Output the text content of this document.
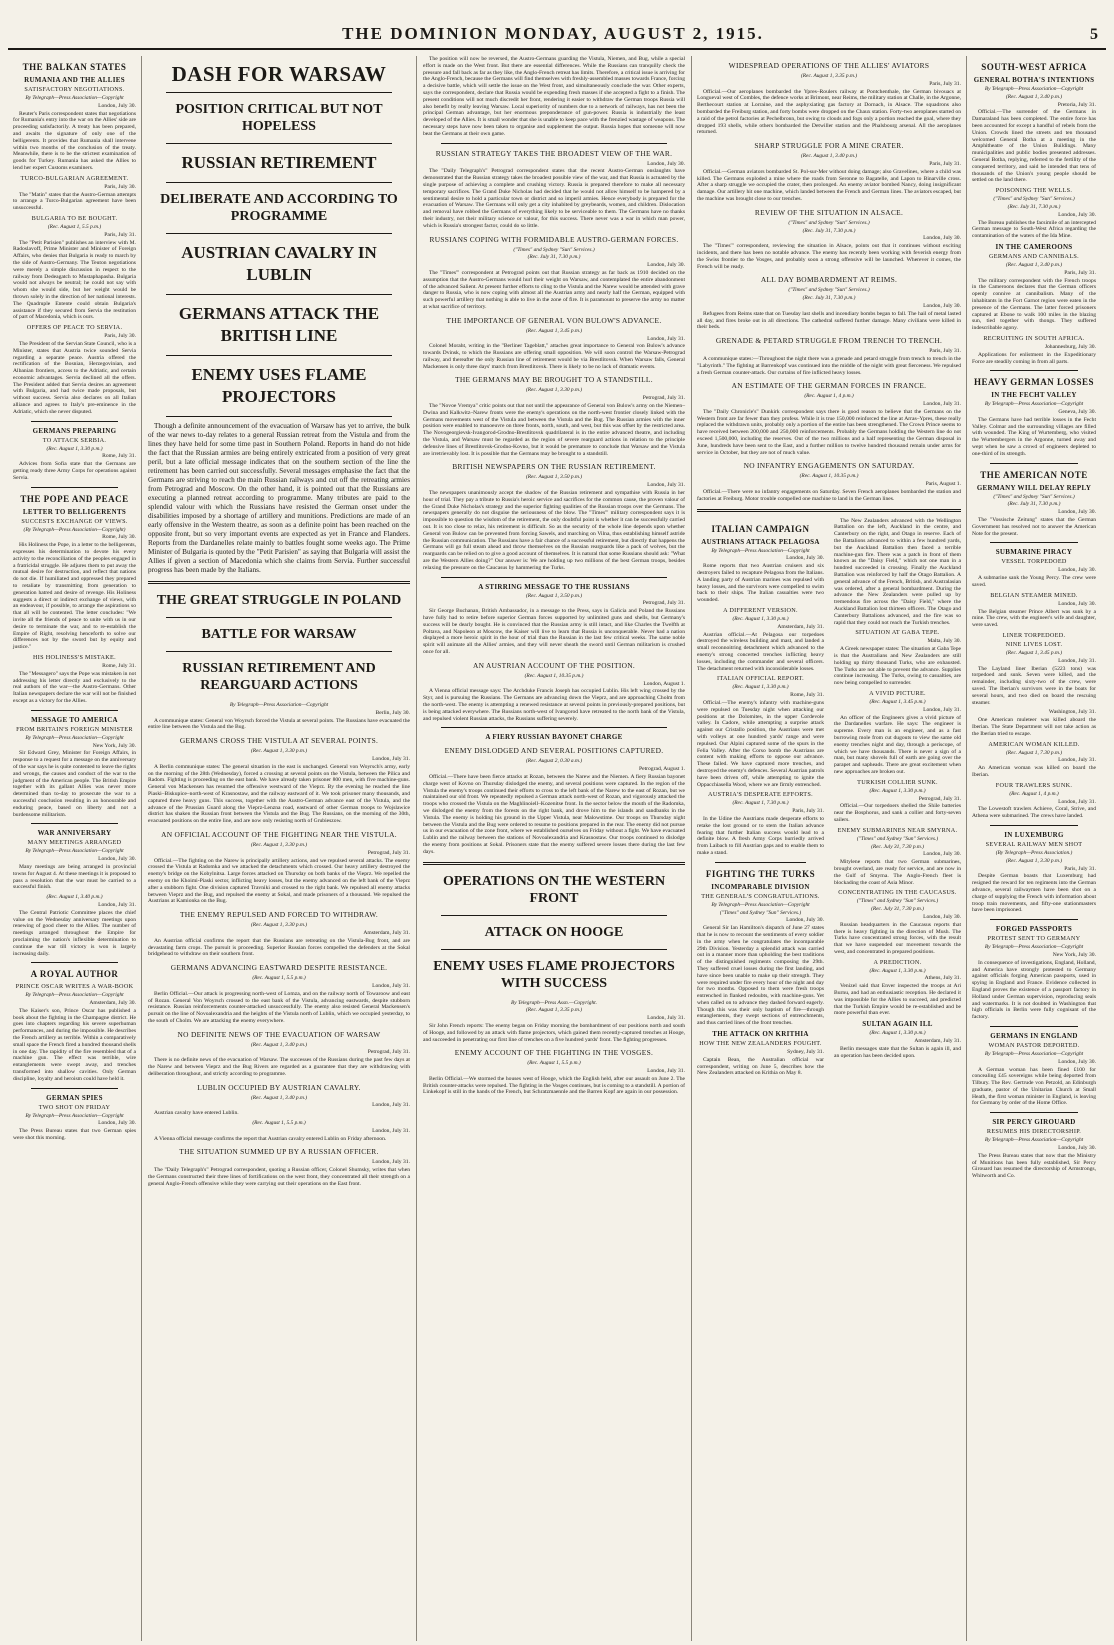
THE DOMINION MONDAY, AUGUST 2, 1915.	5
THE BALKAN STATES
RUMANIA AND THE ALLIES
SATISFACTORY NEGOTIATIONS.
By Telegraph—Press Association—Copyright
London, July 30.

Reuter's Paris correspondent states that negotiations for Rumania's entry into the war on the Allies' side are proceeding satisfactorily. A treaty has been prepared, and awaits the signature of only one of the belligerents. It provides that Rumania shall intervene within two months of the conclusion of the treaty. Meanwhile, there is to be the strictest examination of goods for Turkey. Rumania has asked the Allies to lend her expert Customs examiners.

TURCO-BULGARIAN AGREEMENT.
Paris, July 30.

The "Matin" states that the Austro-German attempts to arrange a Turco-Bulgarian agreement have been unsuccessful.

BULGARIA TO BE BOUGHT.
(Rec. August 1, 5.5 p.m.)
Paris, July 31.

The "Petit Parisien" publishes an interview with M. Radoslavoff, Prime Minister and Minister of Foreign Affairs, who denies that Bulgaria is ready to march by the side of Austro-Germany. The Teuton negotiations were merely a simple discussion in respect to the railway from Dedeagatch to Mustaphapasha. Bulgaria would not always be neutral; he could not say with whom she would side, but her weight would be thrown solely in the direction of her national interests. The Quadruple Entente could obtain Bulgaria's assistance if they secured from Servia the restitution of part of Macedonia, which is ours.

OFFERS OF PEACE TO SERVIA.
Paris, July 30.

The President of the Servian State Council, who is a Minister, states that Austria twice sounded Servia regarding a separate peace. Austria offered the rectification of the Bosnian, Herzegovinian, and Albanian frontiers, access to the Adriatic, and certain economic advantages. Servia declined all the offers. The President added that Servia desires an agreement with Bulgaria, and had twice made proposals, but without success. Servia also declares on all Italian alliance and agrees to Italy's pre-eminence in the Adriatic, which she never disputed.

GERMANS PREPARING
TO ATTACK SERBIA.
(Rec. August 1, 3.30 p.m.)
Rome, July 31.

Advices from Sofia state that the Germans are getting ready three Army Corps for operations against Servia.

THE POPE AND PEACE
LETTER TO BELLIGERENTS
SUCCESTS EXCHANGE OF VIEWS.
(By Telegraph—Press Association—Copyright)
Rome, July 30.

His Holiness the Pope, in a letter to the belligerents, expresses his determination to devote his every activity to the reconciliation of the peoples engaged in a fratricidal struggle. He adjures them to put away the mutual desire for destruction, and reflect that nations do not die. If humiliated and oppressed they prepared to retaliate by transmitting from generation to generation hatred and desire of revenge. His Holiness suggests a direct or indirect exchange of views, with an endeavour, if possible, to arrange the aspirations so that all will be contented. The letter concludes: "We invite all the friends of peace to unite with us in our desire to terminate the war, and to re-establish the Empire of Right, resolving henceforth to solve our differences not by the sword but by equity and justice."

HIS HOLINESS'S MISTAKE.
Rome, July 31.

The "Messagero" says the Pope was mistaken in not addressing his letter directly and exclusively to the real authors of the war—the Austro-Germans. Other Italian newspapers declare the war will not be finished except as a victory for the Allies.

MESSAGE TO AMERICA
FROM BRITAIN'S FOREIGN MINISTER
By Telegraph—Press Association—Copyright
New York, July 30.

Sir Edward Grey, Minister for Foreign Affairs, in response to a request for a message on the anniversary of the war says he is quite contented to leave the rights and wrongs, the causes and conduct of the war to the judgment of the American people. The British Empire together with its gallant Allies was never more determined than to-day to prosecute the war to a successful conclusion resulting in an honourable and enduring peace, based on liberty and not a burdensome militarism.

WAR ANNIVERSARY
MANY MEETINGS ARRANGED
By Telegraph—Press Association—Copyright
London, July 30.

Many meetings are being arranged in provincial towns for August 4. At these meetings it is proposed to pass a resolution that the war must be carried to a successful finish.

(Rec. August 1, 3.40 p.m.)
London, July 31.

The Central Patriotic Committee places the chief value on the Wednesday anniversary meetings upon renewing of good cheer to the Allies. The number of meetings arranged throughout the Empire for proclaiming the nation's inflexible determination to continue the war till victory is won is largely increasing daily.

A ROYAL AUTHOR
PRINCE OSCAR WRITES A WAR-BOOK
By Telegraph—Press Association—Copyright
Amsterdam, July 30.

The Kaiser's son, Prince Oscar has published a book about the fighting in the Champagne district. He goes into chapters regarding his severe superhuman performances, and during the impossible. He describes the French artillery as terrible. Within a comparatively small space the French fired a hundred thousand shells in one day. The rapidity of the fire resembled that of a machine gun. The effect was terrible, wire entanglements were swept away, and trenches transformed into shallow cavities. Only German discipline, loyalty and heroism could have held it.

GERMAN SPIES
TWO SHOT ON FRIDAY
By Telegraph—Press Association—Copyright
London, July 30.

The Press Bureau states that two German spies were shot this morning.

DASH FOR WARSAW
POSITION CRITICAL BUT NOT HOPELESS
RUSSIAN RETIREMENT
DELIBERATE AND ACCORDING TO PROGRAMME
AUSTRIAN CAVALRY IN LUBLIN
GERMANS ATTACK THE BRITISH LINE
ENEMY USES FLAME PROJECTORS

Though a definite announcement of the evacuation of Warsaw has yet to arrive, the bulk of the war news to-day relates to a general Russian retreat from the Vistula and from the lines they have held for some time past in Southern Poland. Reports in hand do not hide the fact that the Russian armies are being entirely extricated from a position of very great peril, but a late official message indicates that on the southern section of the line the retirement has been carried out successfully. Several messages emphasise the fact that the Germans are striving to reach the main Russian railways and cut off the retreating armies from Petrograd and Moscow. On the other hand, it is pointed out that the Russians are executing a planned retreat according to programme. Many tributes are paid to the splendid valour with which the Russians have resisted the German onset under the disabilities imposed by a shortage of artillery and munitions. Predictions are made of an early offensive in the Western theatre, as soon as a definite point has been reached on the opposite front, but so very important events are expected as yet in France and Flanders. Reports from the Dardanelles relate mainly to battles fought some weeks ago. The Prime Minister of Bulgaria is quoted by the "Petit Parisien" as saying that Bulgaria will assist the Allies if given a section of Macedonia which she claims from Servia. Further successful progress has been made by the Italians.

THE GREAT STRUGGLE IN POLAND
BATTLE FOR WARSAW
RUSSIAN RETIREMENT AND REARGUARD ACTIONS
By Telegraph—Press Association—Copyright
Berlin, July 30.

A communique states: General von Woyrsch forced the Vistula at several points. The Russians have evacuated the entire line between the Vistula and the Bug.

GERMANS CROSS THE VISTULA AT SEVERAL POINTS.
(Rec. August 1, 3.30 p.m.)
London, July 31.

A Berlin communique states: The general situation in the east is unchanged. General von Woyrsch's army, early on the morning of the 28th (Wednesday), forced a crossing at several points on the Vistula, between the Pilica and Radom. Fighting is proceeding on the east bank. We have already taken prisoner 800 men, with five machine-guns. General von Mackensen has resumed the offensive westward of the Vieprz. By the evening he reached the line Piaski–Biskupice–north-west of Krasnostaw, and the railway eastward of it. We took prisoner many thousands, and captured three heavy guns. This success, together with the Austro-German advance east of the Vistula, and the advance of the Prussian Guard along the Vieprz-Lenzna road, eastward of other German troops to Wojslawice district has shaken the Russian front between the Vistula and the Bug. The Russians, on the morning of the 30th, evacuated positions on the entire line, and are now only resisting north of Grubieszow.

AN OFFICIAL ACCOUNT OF THE FIGHTING NEAR THE VISTULA.
(Rec. August 1, 3.30 p.m.)
Petrograd, July 31.

Official.—The fighting on the Narew is principally artillery actions, and we repulsed several attacks. The enemy crossed the Vistula at Radomka and we attacked the detachments which crossed. Our heavy artillery destroyed the enemy's bridge on the Kobylnitsa. Large forces attacked on Thursday on both banks of the Vieprz. We repelled the enemy on the Khoimi-Piaski sector, inflicting heavy losses, but the enemy advanced on the left bank of the Vieprz after a stubborn fight. One division captured Travniki and crossed to the right bank. We repulsed all enemy attacks between Vieprz and the Bug, and repulsed the enemy at Sokal, and made prisoners of a thousand. We repulsed the Austrians at Kamionka on the Bug.

THE ENEMY REPULSED AND FORCED TO WITHDRAW.
(Rec. August 1, 3.30 p.m.)
Amsterdam, July 31.

An Austrian official confirms the report that the Russians are retreating on the Vistula-Bug front, and are devastating farm crops. The pursuit is proceeding. Superior Russian forces compelled the defenders at the Sokal bridgehead to withdraw on their southern front.

GERMANS ADVANCING EASTWARD DESPITE RESISTANCE.
(Rec. August 1, 5.5 p.m.)
London, July 31.

Berlin Official.—Our attack is progressing north-west of Lomza, and on the railway north of Towaroow and east of Rozan. General Von Woyrsch crossed to the east bank of the Vistula, advancing eastwards, despite stubborn resistance. Russian reinforcements counter-attacked unsuccessfully. The enemy also resisted General Mackensen's pursuit on the line of Novoalexandria and the heights of the Vistula north of Lublin, which we occupied yesterday, to the south of Cholm. We are attacking the enemy everywhere.

NO DEFINITE NEWS OF THE EVACUATION OF WARSAW
(Rec. August 1, 3.40 p.m.)
Petrograd, July 31.

There is no definite news of the evacuation of Warsaw. The successes of the Russians during the past few days at the Narew and between Vieprz and the Bug Rivers are regarded as a guarantee that they are withdrawing with deliberation throughout, and strictly according to programme.

LUBLIN OCCUPIED BY AUSTRIAN CAVALRY.
(Rec. August 1, 3.40 p.m.)
London, July 31.

Austrian cavalry have entered Lublin.

(Rec. August 1, 5.5 p.m.)
London, July 31.

A Vienna official message confirms the report that Austrian cavalry entered Lublin on Friday afternoon.

THE SITUATION SUMMED UP BY A RUSSIAN OFFICER.
London, July 31.

The "Daily Telegraph's" Petrograd correspondent, quoting a Russian officer, Colonel Shumsky, writes that when the Germans constructed their three lines of fortifications on the west front, they concentrated all their strength on a general Anglo-French offensive while they were carrying out their operations on the East front.

The position will now be reversed, the Austro-Germans guarding the Vistula, Niemen, and Bug, while a special effort is made on the West front. But there are essential differences. While the Russians can tranquilly check the pressure and fall back as far as they like, the Anglo-French retreat has limits. Therefore, a critical issue is arriving for the Anglo-French, because the Germans will find themselves with freshly-assembled masses towards France, forcing a decisive battle, which will settle the issue on the West front, and simultaneously conclude the war. Other experts, says the correspondent, declare that Russia would be expending fresh masses if she accepted a fight to a finish. The present conditions will not much discredit her front, rendering it easier to withdraw the German troops Russia will also benefit by really leaving Warsaw. Local superiority of numbers due to a network of railways, has not been the principal German advantage, but her enormous preponderance of gun-power. Russia is industrially the least developed of the Allies. It is small wonder that she is unable to keep pace with the frenzied wastage of weapons. The necessary steps have now been taken to organise and supplement the output. Russia hopes that someone will now beat the Germans at their own game.

RUSSIAN STRATEGY TAKES THE BROADEST VIEW OF THE WAR.
London, July 30.

The "Daily Telegraph's" Petrograd correspondent states that the recent Austro-German onslaughts have demonstrated that the Russian strategy takes the broadest possible view of the war, and that Russia is actuated by the single purpose of achieving a complete and crushing victory. Russia is prepared therefore to make all necessary temporary sacrifices. The Grand Duke Nicholas had decided that he would not allow himself to be hampered by a sentimental desire to hold a particular town or district and so imperil armies. Hence everybody is prepared for the evacuation of Warsaw. The Germans will only get a city inhabited by greybeards, women, and children. Dislocation and removal have robbed the Germans of everything likely to be serviceable to them. The Germans have no thanks their industry, not their military science or valour, for this success. There never was a war in which man power, which is Russia's strongest factor, could do so little.

RUSSIANS COPING WITH FORMIDABLE AUSTRO-GERMAN FORCES.
("Times" and Sydney "Sun" Services.)
(Rec. July 31, 7.30 p.m.)
London, July 30.

The "Times'" correspondent at Petrograd points out that Russian strategy as far back as 1910 decided on the assumption that the Austro-Germans would hurl their weight on Warsaw, and contemplated the entire abandonment of the advanced Salient. At present further efforts to cling to the Vistula and the Narew would be attended with grave danger to Russia, who is now coping with almost all the Austrian army and nearly half the German, equipped with such powerful artillery that nothing is able to live in the zone of fire. It is paramount to preserve the army no matter at what sacrifice of territory.

THE IMPORTANCE OF GENERAL VON BULOW'S ADVANCE.
(Rec. August 1, 3.45 p.m.)
London, July 31.

Colonel Moraht, writing in the "Berliner Tageblatt," attaches great importance to General von Bulow's advance towards Dvinsk, to which the Russians are offering small opposition. We will soon control the Warsaw-Petrograd railway, and thereafter the only Russian line of retirement would be via Brestlitovsk. When Warsaw falls, General Mackensen is only three days' march from Brestlitovsk. There is likely to be no lack of dramatic events.

THE GERMANS MAY BE BROUGHT TO A STANDSTILL.
(Rec. August 1, 3.30 p.m.)
Petrograd, July 31.

The "Novoe Vremya" critic points out that not until the appearance of General von Bulow's army on the Niemen–Dwina and Kalkwitz–Narew fronts were the enemy's operations on the north-west frontier closely linked with the Germans movements west of the Vistula and between the Vistula and the Bug. The Russian armies with the inner position were enabled to manoeuvre on three fronts, north, south, and west, but this was offset by the restricted area. The Novogeorgievsk-Ivangorod-Grodno-Brestlitovsk quadrilateral is in the entire advanced theatre, and including the Vistula, and Warsaw must be regarded as the region of severe rearguard actions in relation to the principle defensive lines of Brestlitovsk-Grodno-Kovno, but it would be premature to conclude that Warsaw and the Vistula are irretrievably lost. It is possible that the Germans may be brought to a standstill.

BRITISH NEWSPAPERS ON THE RUSSIAN RETIREMENT.
(Rec. August 1, 3.50 p.m.)
London, July 31.

The newspapers unanimously accept the shadow of the Russian retirement and sympathise with Russia in her hour of trial. They pay a tribute to Russia's heroic service and sacrifices for the common cause, the proven valour of the Grand Duke Nicholas's strategy and the superior fighting qualities of the Russian troops over the Germans. The newspapers generally do not disguise the seriousness of the blow. The "Times'" military correspondent says it is impossible to question the wisdom of the retirement, the only doubtful point is whether it can be successfully carried out. It is too close to relax, his retirement is difficult. So as the security of the whole line depends upon whether General von Bulow can be prevented from forcing Sawels, and marching on Vilna, thus establishing himself astride the Russian communication. The Russians have a fair chance of a successful retirement, but directly that happens the Germans will go full steam ahead and throw themselves on the Russian rearguards like a pack of wolves, but the rearguards can be relied on to give a good account of themselves. It is natural that some Russians should ask: "What are the Western Allies doing?" Our answer is: We are holding up two millions of the best German troops, besides relaxing the pressure on the Caucasus by hammering the Turks.

A STIRRING MESSAGE TO THE RUSSIANS
(Rec. August 1, 3.50 p.m.)
Petrograd, July 31.

Sir George Buchanan, British Ambassador, in a message to the Press, says in Galicia and Poland the Russians have fully had to retire before superior German forces supported by unlimited guns and shells, but Germany's success will be dearly bought. He is convinced that the Russian army is still intact, and like Charles the Twelfth at Poltava, and Napoleon at Moscow, the Kaiser will live to learn that Russia is unconquerable. Never had a nation displayed a more heroic spirit in the hour of trial than the Russian in the last few critical weeks. The same noble spirit will animate all the Allies' armies, and they will never sheath the sword until German militarism is crushed once for all.

AN AUSTRIAN ACCOUNT OF THE POSITION.
(Rec. August 1, 10.35 p.m.)
London, August 1.

A Vienna official message says: The Archduke Francis Joseph has occupied Lublin. His left wing crossed by the Styr, and is pursuing the Russians. The Germans are advancing down the Vieprz, and are approaching Cholm from the north-west. The enemy is attempting a renewed resistance at several points in previously-prepared positions, but is being attacked everywhere. The Russians north-west of Ivangorod have retreated to the north bank of the Vistula, and repulsed violent Russian attacks, the Russians suffering severely.

A FIERY RUSSIAN BAYONET CHARGE
ENEMY DISLODGED AND SEVERAL POSITIONS CAPTURED.
(Rec. August 2, 0.30 a.m.)
Petrograd, August 1.

Official.—There have been fierce attacks at Rozan, between the Narew and the Niemen. A fiery Russian bayonet charge west of Kovno on Thursday dislodged the enemy, and several positions were captured. In the region of the Vistula the enemy's troops continued their efforts to cross to the left bank of the Narew to the east of Rozan, but we maintained our old front. We repeatedly repulsed a German attack north-west of Rozan, and vigorously attacked the troops who crossed the Vistula on the Maghlinoiell–Kozenitse front. In the sector below the mouth of the Radomka, we dislodged the enemy from the forests on the right bank, and drove him to the islands and sandbanks in the Vistula. The enemy is holding his ground in the Upper Vistula, near Malowstime. Our troops on Thursday night between the Vistula and the Bug were ordered to resume to positions prepared in the rear. The enemy did not pursue us in our evacuation of the zone front, where we established ourselves on Friday without a fight. We have evacuated Lublin and the railway between the stations of Novoalexandria and Krasnostaw. Our troops continued to dislodge the enemy from positions at Sokal. Prisoners state that the enemy suffered severe losses there during the last few days.

OPERATIONS ON THE WESTERN FRONT
ATTACK ON HOOGE
ENEMY USES FLAME PROJECTORS WITH SUCCESS
By Telegraph—Press Assn.—Copyright.
(Rec. August 1, 3.35 p.m.)
London, July 31.

Sir John French reports: The enemy began on Friday morning the bombardment of our positions north and south of Hooge, and followed by an attack with flame projectors, which gained them recently-captured trenches at Hooge, and succeeded in penetrating our first line of trenches on a five hundred yards' front. The fighting progresses.

ENEMY ACCOUNT OF THE FIGHTING IN THE VOSGES.
(Rec. August 1, 5.5 p.m.)
London, July 31.

Berlin Official.—We stormed the houses west of Hooge, which the English held, after our assault on June 2. The British counter-attacks were repulsed. The fighting in the Vosges continues, but is coming to a standstill. A portion of Linkekopf is still in the hands of the French, but Schratzmaennle and the Barren Kopf are again in our possession.

WIDESPREAD OPERATIONS OF THE ALLIES' AVIATORS
(Rec. August 1, 3.35 p.m.)
Paris, July 31.

Official.—Our aeroplanes bombarded the Ypres–Roulers railway at Pontchenthale, the German bivouacs at Longueval west of Combles, the defence works at Brimont, near Reims, the military station at Challe, in the Argonne, Berthecourt station at Lorraine, and the asphyxiating gas factory at Dornach, in Alsace. The squadrons also bombarded the Freiburg station, and forty bombs were dropped on the Chaux station. Forty-two aeroplanes started on a raid of the petrol factories at Pechelbronn, but owing to clouds and fogs only a portion reached the goal, where they dropped 193 shells, while others bombarded the Detwiller station and the Phalsbourg arsenal. All the aeroplanes returned.

SHARP STRUGGLE FOR A MINE CRATER.
(Rec. August 1, 3.40 p.m.)
Paris, July 31.

Official.—German aviators bombarded St. Pol-sur-Mer without doing damage; also Gravelines, where a child was killed. The Germans exploded a mine where the roads from Seronne to Bagatelle, and Lapon to Binarville cross. After a sharp struggle we occupied the crater, then prolonged. An enemy aviator bombed Nancy, doing insignificant damage. Our artillery hit one machine, which landed between the French and German lines. The aviators escaped, but the machine was brought close to our trenches.

REVIEW OF THE SITUATION IN ALSACE.
("Times" and Sydney "Sun" Services.)
(Rec. July 31, 7.30 p.m.)
London, July 30.

The "Times'" correspondent, reviewing the situation in Alsace, points out that it continues without exciting incidents, and there has been no notable advance. The enemy has recently been working with feverish energy from the Swiss frontier to the Vosges, and probably soon a strong offensive will be launched. Wherever it comes, the French will be ready.

ALL DAY BOMBARDMENT AT REIMS.
("Times" and Sydney "Sun" Services.)
(Rec. July 31, 7.30 p.m.)
London, July 30.

Refugees from Reims state that on Tuesday last shells and incendiary bombs began to fall. The hail of metal lasted all day, and fires broke out in all directions. The cathedral suffered further damage. Many civilians were killed in their beds.

GRENADE & PETARD STRUGGLE FROM TRENCH TO TRENCH.
Paris, July 31.

A communique states:—Throughout the night there was a grenade and petard struggle from trench to trench in the "Labyrinth." The fighting at Barrenkopf was continued into the middle of the night with great fierceness. We repulsed a fresh German counter-attack. Our curtains of fire inflicted heavy losses.

AN ESTIMATE OF THE GERMAN FORCES IN FRANCE.
(Rec. August 1, 4 p.m.)
London, July 31.

The "Daily Chronicle's" Dunkirk correspondent says there is good reason to believe that the Germans on the Western front are far fewer than they profess. While it is true 150,000 reinforced the line at Arras–Ypres, these really replaced the withdrawn units, probably only a portion of the entire has been strengthened. The Crown Prince seems to have received between 200,000 and 250,000 reinforcements. Probably the Germans holding the Western line do not exceed 1,500,000, including the reserves. Out of the two millions and a half representing the German disposal in June, hundreds have been sent to the East, and a further million to twelve hundred thousand remain under arms for service in October, but they are not of much value.

NO INFANTRY ENGAGEMENTS ON SATURDAY.
(Rec. August 1, 10.35 p.m.)
Paris, August 1.

Official.—There were no infantry engagements on Saturday. Seven French aeroplanes bombarded the station and factories at Freiburg. Motor trouble compelled one machine to land in the German lines.

ITALIAN CAMPAIGN
AUSTRIANS ATTACK PELAGOSA
By Telegraph—Press Association—Copyright
London, July 30.

Rome reports that two Austrian cruisers and six destroyers failed to recapture Pelagosa from the Italians. A landing party of Austrian marines was repulsed with heavy losses, and the survivors were compelled to swim back to their ships. The Italian casualties were two wounded.

A DIFFERENT VERSION.
(Rec. August 1, 3.30 p.m.)
Amsterdam, July 31.

Austrian official.—At Pelagosa our torpedoes destroyed the wireless building and mast, and landed a small reconnoitring detachment which advanced to the enemy's strong concerted trenches inflicting heavy losses, including the commander and several officers. The detachment returned with inconsiderable losses.

ITALIAN OFFICIAL REPORT.
(Rec. August 1, 3.30 p.m.)
Rome, July 31.

Official.—The enemy's infantry with machine-guns were repulsed on Tuesday night when attacking our positions at the Dolomites, in the upper Cordevole valley. In Cadore, while attempting a surprise attack against our Cristallo position, the Austrians were met with volleys at one hundred yards' range and were repulsed. Our Alpini captured some of the spurs in the Felia Valley. After the Corso bomb the Austrians are content with making efforts to oppose our advance. These failed. We have captured more trenches, and destroyed the enemy's defences. Several Austrian patrols have been driven off, while attempting to ignite the Oppacchiasella Wood, where we are firmly entrenched.

AUSTRIA'S DESPERATE EFFORTS.
(Rec. August 1, 7.30 p.m.)
Paris, July 31.

In the Udine the Austrians made desperate efforts to retake the lost ground or to stem the Italian advance fearing that further Italian success would lead to a definite blow. A fresh Army Corps hurriedly arrived from Laibach to fill Austrian gaps and to enable them to make a stand.

FIGHTING THE TURKS
INCOMPARABLE DIVISION
THE GENERAL'S CONGRATULATIONS.
By Telegraph—Press Association—Copyright
("Times" and Sydney "Sun" Services.)
London, July 30.

General Sir Ian Hamilton's dispatch of June 27 states that he is now to recount the sentiments of every soldier in the army when he congratulates the incomparable 29th Division. Yesterday a splendid attack was carried out in a manner more than upholding the best traditions of the distinguished regiments composing the 29th. They suffered cruel losses during the first landing, and have since been unable to make up their strength. They were required under fire every hour of the night and day for two months. Opposed to them were fresh troops entrenched in flanked redoubts, with machine-guns. Yet when called on to advance they dashed forward eagerly. Though this was their only baptism of fire—through entanglements, they swept sections of entrenchments, and thus carried lines of the front trenches.

THE ATTACK ON KRITHIA
HOW THE NEW ZEALANDERS FOUGHT.
Sydney, July 31.

Captain Bean, the Australian official war correspondent, writing on June 5, describes how the New Zealanders attacked on Krithia on May 8.

The New Zealanders advanced with the Wellington Battalion on the left, Auckland in the centre, and Canterbury on the right, and Otago in reserve. Each of the Battalions advanced to within a few hundred yards, but the Auckland Battalion then faced a terrible machine-gun fire. There was a patch in front of them known as the "Daisy Field," which not one man in a hundred succeeded in crossing. Finally the Auckland Battalion was reinforced by half the Otago Battalion. A general advance of the French, British, and Australasian was ordered, after a general bombardment. During the advance the New Zealanders were pulled up by tremendous fire across the "Daisy Field," where the Auckland Battalion lost thirteen officers. The Otago and Canterbury Battalions advanced, and the fire was so rapid that they could not reach the Turkish trenches.

SITUATION AT GABA TEPE.
Malta, July 30.

A Greek newspaper states: The situation at Gaba Tepe is that the Australians and New Zealanders are still holding up thirty thousand Turks, who are exhausted. The Turks are not able to prevent the advance. Supplies continue increasing. The Turks, owing to casualties, are now being compelled to surrender.

A VIVID PICTURE.
(Rec. August 1, 3.45 p.m.)
London, July 31.

An officer of the Engineers gives a vivid picture of the Dardanelles warfare. He says: The engineer is supreme. Every man is an engineer, and as a fast burrowing mole from cut dugouts to view the same old enemy trenches night and day, through a periscope, of which we have thousands. There is never a sign of a man, but many shovels full of earth are going over the parapet and sapheads. There are great excitement when new approaches are broken out.

TURKISH COLLIER SUNK.
(Rec. August 1, 3.30 p.m.)
Petrograd, July 31.

Official.—Our torpedoers shelled the Shile batteries near the Bosphorus, and sank a collier and forty-seven sailers.

ENEMY SUBMARINES NEAR SMYRNA.
("Times" and Sydney "Sun" Services.)
(Rec. July 31, 7.30 p.m.)
London, July 30.

Mitylene reports that two German submarines, brought overland, are ready for service, and are now in the Gulf of Smyrna. The Anglo-French fleet is blockading the coast of Asia Minor.

CONCENTRATING IN THE CAUCASUS.
("Times" and Sydney "Sun" Services.)
(Rec. July 31, 7.30 p.m.)
London, July 30.

Russian headquarters in the Caucasus reports that there is heavy fighting in the direction of Mush. The Turks have concentrated strong forces, with the result that we have suspended our movement towards the west, and concentrated in prepared positions.

A PREDICTION.
(Rec. August 1, 3.30 p.m.)
Athens, July 31.

Venizel said that Enver inspected the troops at Ari Burnu, and had an enthusiastic reception. He declared it was impossible for the Allies to succeed, and predicted that the Turkish Empire would be re-established and be more powerful than ever.

SULTAN AGAIN ILL
(Rec. August 1, 3.30 p.m.)
Amsterdam, July 31.

Berlin messages state that the Sultan is again ill, and an operation has been decided upon.

SOUTH-WEST AFRICA
GENERAL BOTHA'S INTENTIONS
By Telegraph—Press Association—Copyright
(Rec. August 1, 3.40 p.m.)
Pretoria, July 31.

Official.—The surrender of the Germans in Damaraland has been completed. The entire force has been accounted for except a handful of rebels from the Union. Crowds lined the streets and ten thousand welcomed General Botha at a meeting in the Amphitheatre of the Union Buildings. Many municipalities and public bodies presented addresses. General Botha, replying, referred to the fertility of the conquered territory, and said he intended that tens of thousands of the Union's young people should be settled on the land there.

POISONING THE WELLS.
("Times" and Sydney "Sun" Services.)
(Rec. July 31, 7.30 p.m.)
London, July 30.

The Bureau publishes the facsimile of an intercepted German message to South-West Africa regarding the contamination of the waters of the Ida Mine.

IN THE CAMEROONS
GERMANS AND CANNIBALS.
(Rec. August 1, 3.40 p.m.)
Paris, July 31.

The military correspondent with the French troops in the Cameroons declares that the German officers openly connive at cannibalism. Many of the inhabitants in the Fort Garnot region were eaten in the presence of the Germans. The latter forced prisoners captured at Ebone to walk 100 miles in the blazing sun, tied together with thongs. They suffered indescribable agony.

RECRUITING IN SOUTH AFRICA.
Johannesburg, July 30.

Applications for enlistment in the Expeditionary Force are steadily coming in from all parts.

HEAVY GERMAN LOSSES
IN THE FECHT VALLEY
By Telegraph—Press Association—Copyright
Geneva, July 30.

The Germans have had terrible losses in the Fecht Valley. Colmar and the surrounding villages are filled with wounded. The King of Wurtemberg, who visited the Wurtembergers in the Argonne, turned away and wept when he saw a crowd of engineers depleted to one-third of its strength.

THE AMERICAN NOTE
GERMANY WILL DELAY REPLY
("Times" and Sydney "Sun" Services.)
(Rec. July 31, 7.30 p.m.)
London, July 30.

The "Vossische Zeitung" states that the German Government has resolved not to answer the American Note for the present.

SUBMARINE PIRACY
VESSEL TORPEDOED
London, July 30.

A submarine sank the Young Percy. The crew were saved.

BELGIAN STEAMER MINED.
London, July 30.

The Belgian steamer Prince Albert was sunk by a mine. The crew, with the engineer's wife and daughter, were saved.

LINER TORPEDOED.
NINE LIVES LOST.
(Rec. August 1, 3.45 p.m.)
London, July 31.

The Layland liner Iberian (5223 tons) was torpedoed and sunk. Seven were killed, and the remainder, including sixty-two of the crew, were saved. The Iberian's survivors were in the boats for several hours, and two died on board the rescuing steamer.

Washington, July 31.

One American muleteer was killed aboard the Iberian. The State Department will not take action as the Iberian tried to escape.

AMERICAN WOMAN KILLED.
(Rec. August 1, 7.30 p.m.)
London, July 31.

An American woman was killed on board the Iberian.

FOUR TRAWLERS SUNK.
(Rec. August 1, 4 p.m.)
London, July 31.

The Lowestoft trawlers Achieve, Coral, Strive, and Athena were submarined. The crews have landed.

IN LUXEMBURG
SEVERAL RAILWAY MEN SHOT
(By Telegraph—Press Association.)
(Rec. August 1, 3.30 p.m.)
Paris, July 31.

Despite German boasts that Luxemburg had resigned the reward for ten regiments into the German advance, several railwaymen have been shot on a charge of supplying the French with information about troop train movements, and fifty-one stationmasters have been imprisoned.

FORGED PASSPORTS
PROTEST SENT TO GERMANY
By Telegraph—Press Association—Copyright
New York, July 30.

In consequence of investigations, England, Holland, and America have strongly protested to Germany against officials forging American passports, used in spying in England and France. Evidence collected in England proves the existence of a passport factory in Holland under German supervision, reproducing seals and watermarks. It is not doubted in Washington that high officials in Berlin were fully cognisant of the factory.

GERMANS IN ENGLAND
WOMAN PASTOR DEPORTED.
By Telegraph—Press Association—Copyright
London, July 30.

A German woman has been fined £100 for concealing £45 sovereigns while being deported from Tilbury. The Rev. Gertrude von Petzold, an Edinburgh graduate, pastor of the Unitarian Church at Small Heath, the first woman minister in England, is leaving for Germany by order of the Home Office.

SIR PERCY GIROUARD
RESUMES HIS DIRECTORSHIP.
By Telegraph—Press Association—Copyright
London, July 30.

The Press Bureau states that now that the Ministry of Munitions has been fully established, Sir Percy Girouard has resumed the directorship of Armstrongs, Whitworth and Co.
